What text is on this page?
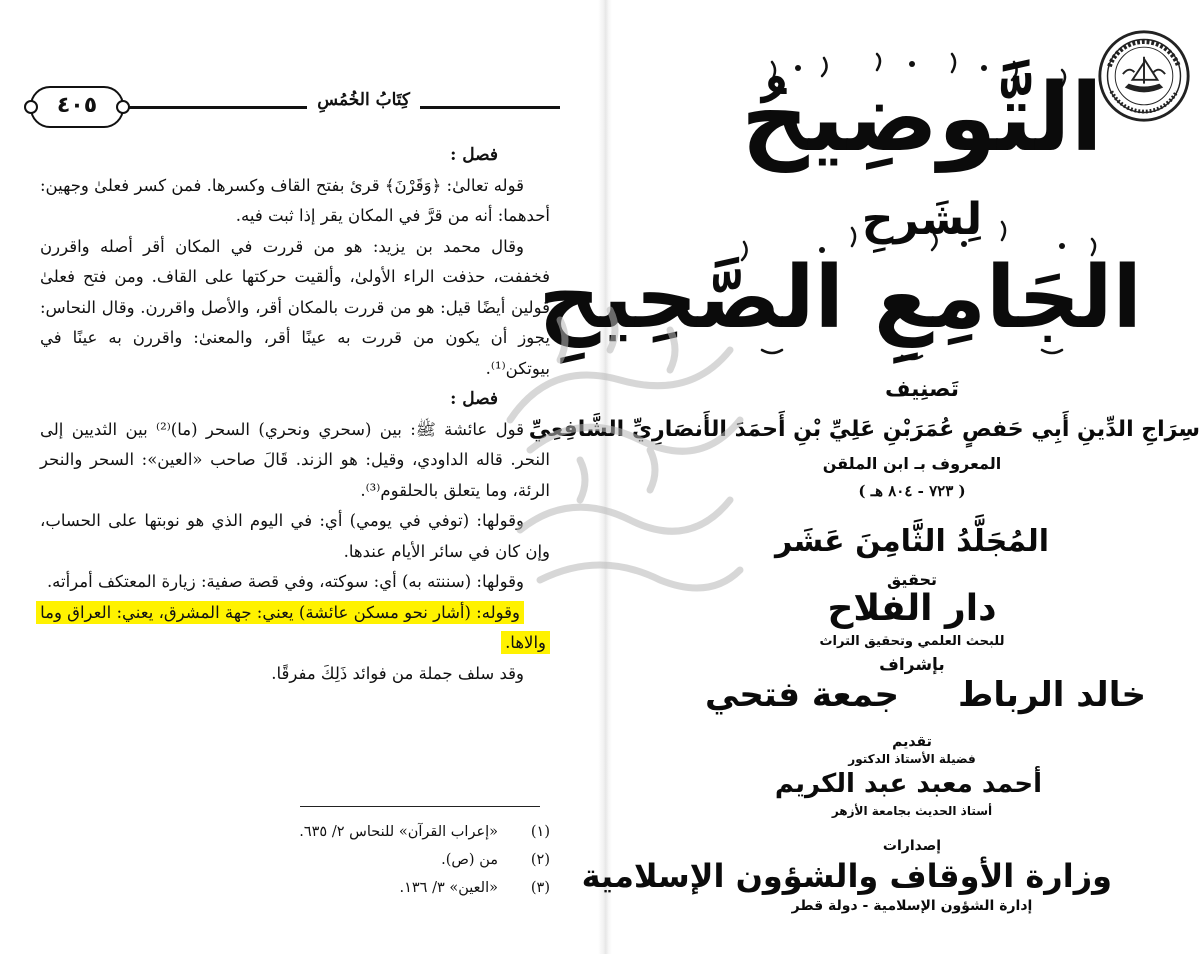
٤٠٥	كِتَابُ الخُمُسِ

فصل :

قوله تعالىٰ: ﴿وَقَرْنَ﴾ قرئ بفتح القاف وكسرها. فمن كسر فعلىٰ وجهين: أحدهما: أنه من قرَّ في المكان يقر إذا ثبت فيه.

وقال محمد بن يزيد: هو من قررت في المكان أقر أصله واقررن فخففت، حذفت الراء الأولىٰ، وألقيت حركتها على القاف. ومن فتح فعلىٰ قولين أيضًا قيل: هو من قررت بالمكان أقر، والأصل واقررن. وقال النحاس: يجوز أن يكون من قررت به عينًا أقر، والمعنىٰ: واقررن به عينًا في بيوتكن⁽¹⁾.

فصل :

قول عائشة ﷺ: بين (سحري ونحري) السحر (ما)⁽²⁾ بين الثديين إلى النحر. قاله الداودي، وقيل: هو الزند. قَالَ صاحب «العين»: السحر والنحر الرئة، وما يتعلق بالحلقوم⁽³⁾.

وقولها: (توفي في يومي) أي: في اليوم الذي هو نوبتها على الحساب، وإن كان في سائر الأيام عندها.

وقولها: (سننته به) أي: سوكته، وفي قصة صفية: زيارة المعتكف أمرأته.

وقوله: (أشار نحو مسكن عائشة) يعني: جهة المشرق، يعني: العراق وما والاها.

وقد سلف جملة من فوائد ذَلِكَ مفرقًا.

(١)
«إعراب القرآن» للنحاس ٢/ ٦٣٥.
(٢)
من (ص).
(٣)
«العين» ٣/ ١٣٦.
التَّوضِيحُ
لِشَرحِ
الجَامِعِ الصَّحِيحِ
تَصنِيف
سِرَاجِ الدِّينِ أَبِي حَفصٍ عُمَرَبْنِ عَلِيِّ بْنِ أَحمَدَ الأَنصَارِيِّ الشَّافِعِيِّ
المعروف بـ ابن الملقن
( ٧٢٣ - ٨٠٤ هـ )
المُجَلَّدُ الثَّامِنَ عَشَر
تحقيق
دار الفلاح
للبحث العلمي وتحقيق التراث
بإشراف
خالد الرباط
جمعة فتحي
تقديم
فضيلة الأستاذ الدكتور
أحمد معبد عبد الكريم
أستاذ الحديث بجامعة الأزهر
إصدارات
وزارة الأوقاف والشؤون الإسلامية
إدارة الشؤون الإسلامية - دولة قطر
